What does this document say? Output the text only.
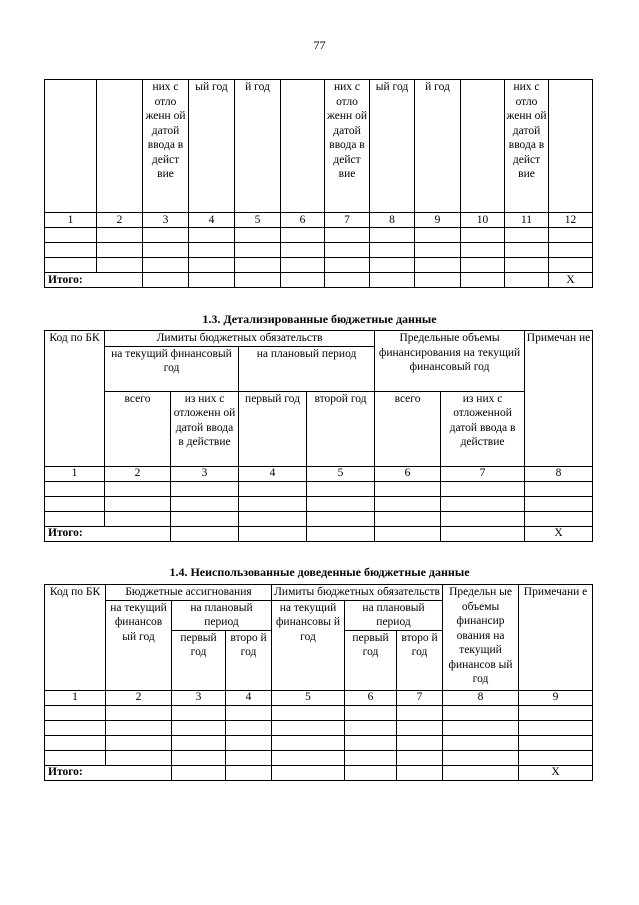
77
		них с отло женн ой датой ввода в дейст вие	ый год	й год		них с отло женн ой датой ввода в дейст вие	ый год	й год		них с отло женн ой датой ввода в дейст вие	
1	2	3	4	5	6	7	8	9	10	11	12

Итого:											X
1.3. Детализированные бюджетные данные
Код по БК	Лимиты бюджетных обязательств				Предельные объемы финансирования на текущий финансовый год		Примечан ие
	на текущий финансовый год		на плановый период				
	всего	из них с отложенн ой датой ввода в действие	первый год	второй год	всего	из них с отложенной датой ввода в действие	
1	2	3	4	5	6	7	8

Итого:							X
1.4. Неиспользованные доведенные бюджетные данные
Код по БК	Бюджетные ассигнования			Лимиты бюджетных обязательств			Предельн ые объемы финансир ования на текущий финансов ый год	Примечани е
	на текущий финансов ый год	на плановый период		на текущий финансовы й год	на плановый период			
		первый год	второ й год		первый год	второ й год		
1	2	3	4	5	6	7	8	9

Итого:								X
